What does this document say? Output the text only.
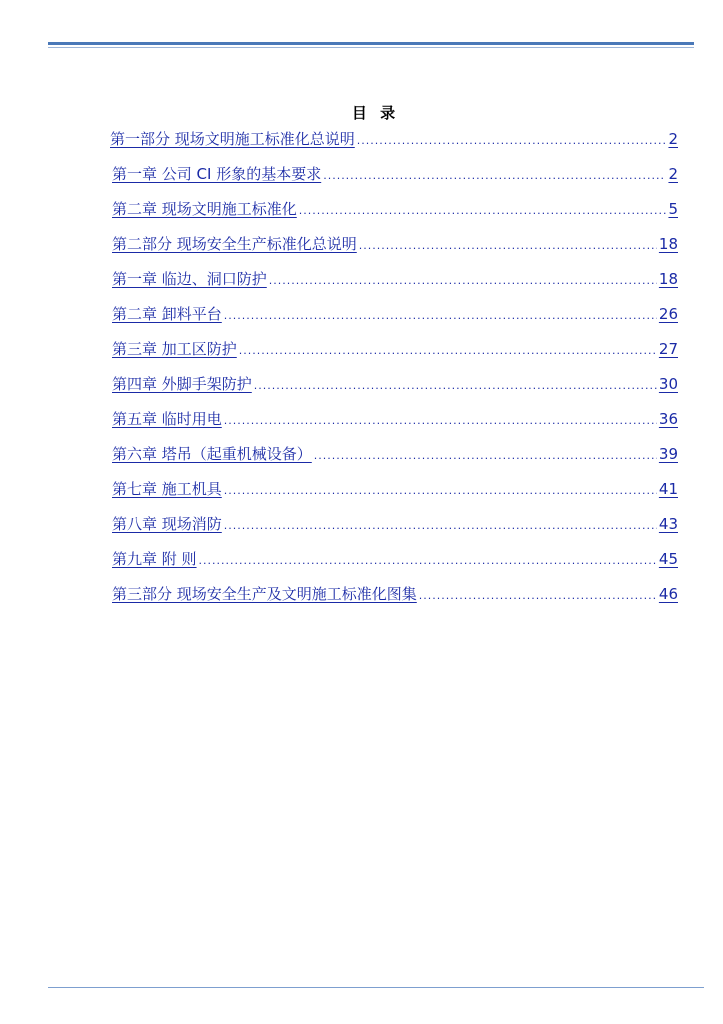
目 录
第一部分 现场文明施工标准化总说明 .....	2
第一章 公司 CI 形象的基本要求 .....	2
第二章 现场文明施工标准化 .....	5
第二部分 现场安全生产标准化总说明 .....	18
第一章 临边、洞口防护 .....	18
第二章 卸料平台 .....	26
第三章 加工区防护 .....	27
第四章 外脚手架防护 .....	30
第五章 临时用电 .....	36
第六章 塔吊（起重机械设备） .....	39
第七章 施工机具 .....	41
第八章 现场消防 .....	43
第九章 附 则 .....	45
第三部分 现场安全生产及文明施工标准化图集 .....	46
